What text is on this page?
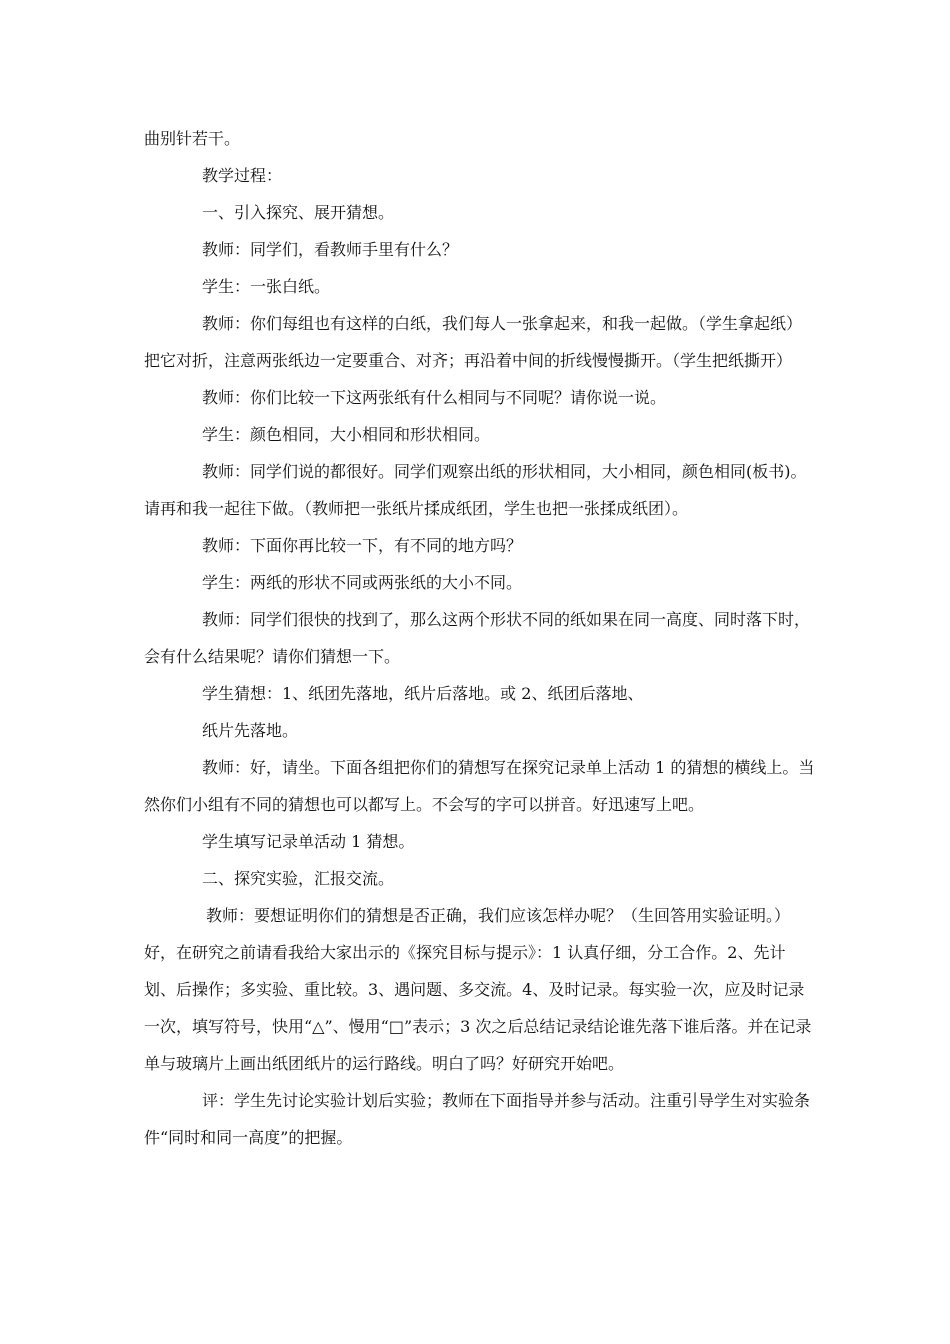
曲别针若干。

教学过程：

一、引入探究、展开猜想。

教师：同学们，看教师手里有什么？

学生：一张白纸。

教师：你们每组也有这样的白纸，我们每人一张拿起来，和我一起做。（学生拿起纸）把它对折，注意两张纸边一定要重合、对齐；再沿着中间的折线慢慢撕开。（学生把纸撕开）

教师：你们比较一下这两张纸有什么相同与不同呢？请你说一说。

学生：颜色相同，大小相同和形状相同。

教师：同学们说的都很好。同学们观察出纸的形状相同，大小相同，颜色相同(板书)。请再和我一起往下做。（教师把一张纸片揉成纸团，学生也把一张揉成纸团）。

教师：下面你再比较一下，有不同的地方吗？

学生：两纸的形状不同或两张纸的大小不同。

教师：同学们很快的找到了，那么这两个形状不同的纸如果在同一高度、同时落下时，会有什么结果呢？请你们猜想一下。

学生猜想：1、纸团先落地，纸片后落地。或 2、纸团后落地、

纸片先落地。

教师：好，请坐。下面各组把你们的猜想写在探究记录单上活动 1 的猜想的横线上。当然你们小组有不同的猜想也可以都写上。不会写的字可以拼音。好迅速写上吧。

学生填写记录单活动 1 猜想。

二、探究实验，汇报交流。

教师：要想证明你们的猜想是否正确，我们应该怎样办呢？（生回答用实验证明。）好，在研究之前请看我给大家出示的《探究目标与提示》：1 认真仔细，分工合作。2、先计划、后操作；多实验、重比较。3、遇问题、多交流。4、及时记录。每实验一次，应及时记录一次，填写符号，快用“△”、慢用“□”表示；3 次之后总结记录结论谁先落下谁后落。并在记录单与玻璃片上画出纸团纸片的运行路线。明白了吗？好研究开始吧。

评：学生先讨论实验计划后实验；教师在下面指导并参与活动。注重引导学生对实验条件“同时和同一高度”的把握。
